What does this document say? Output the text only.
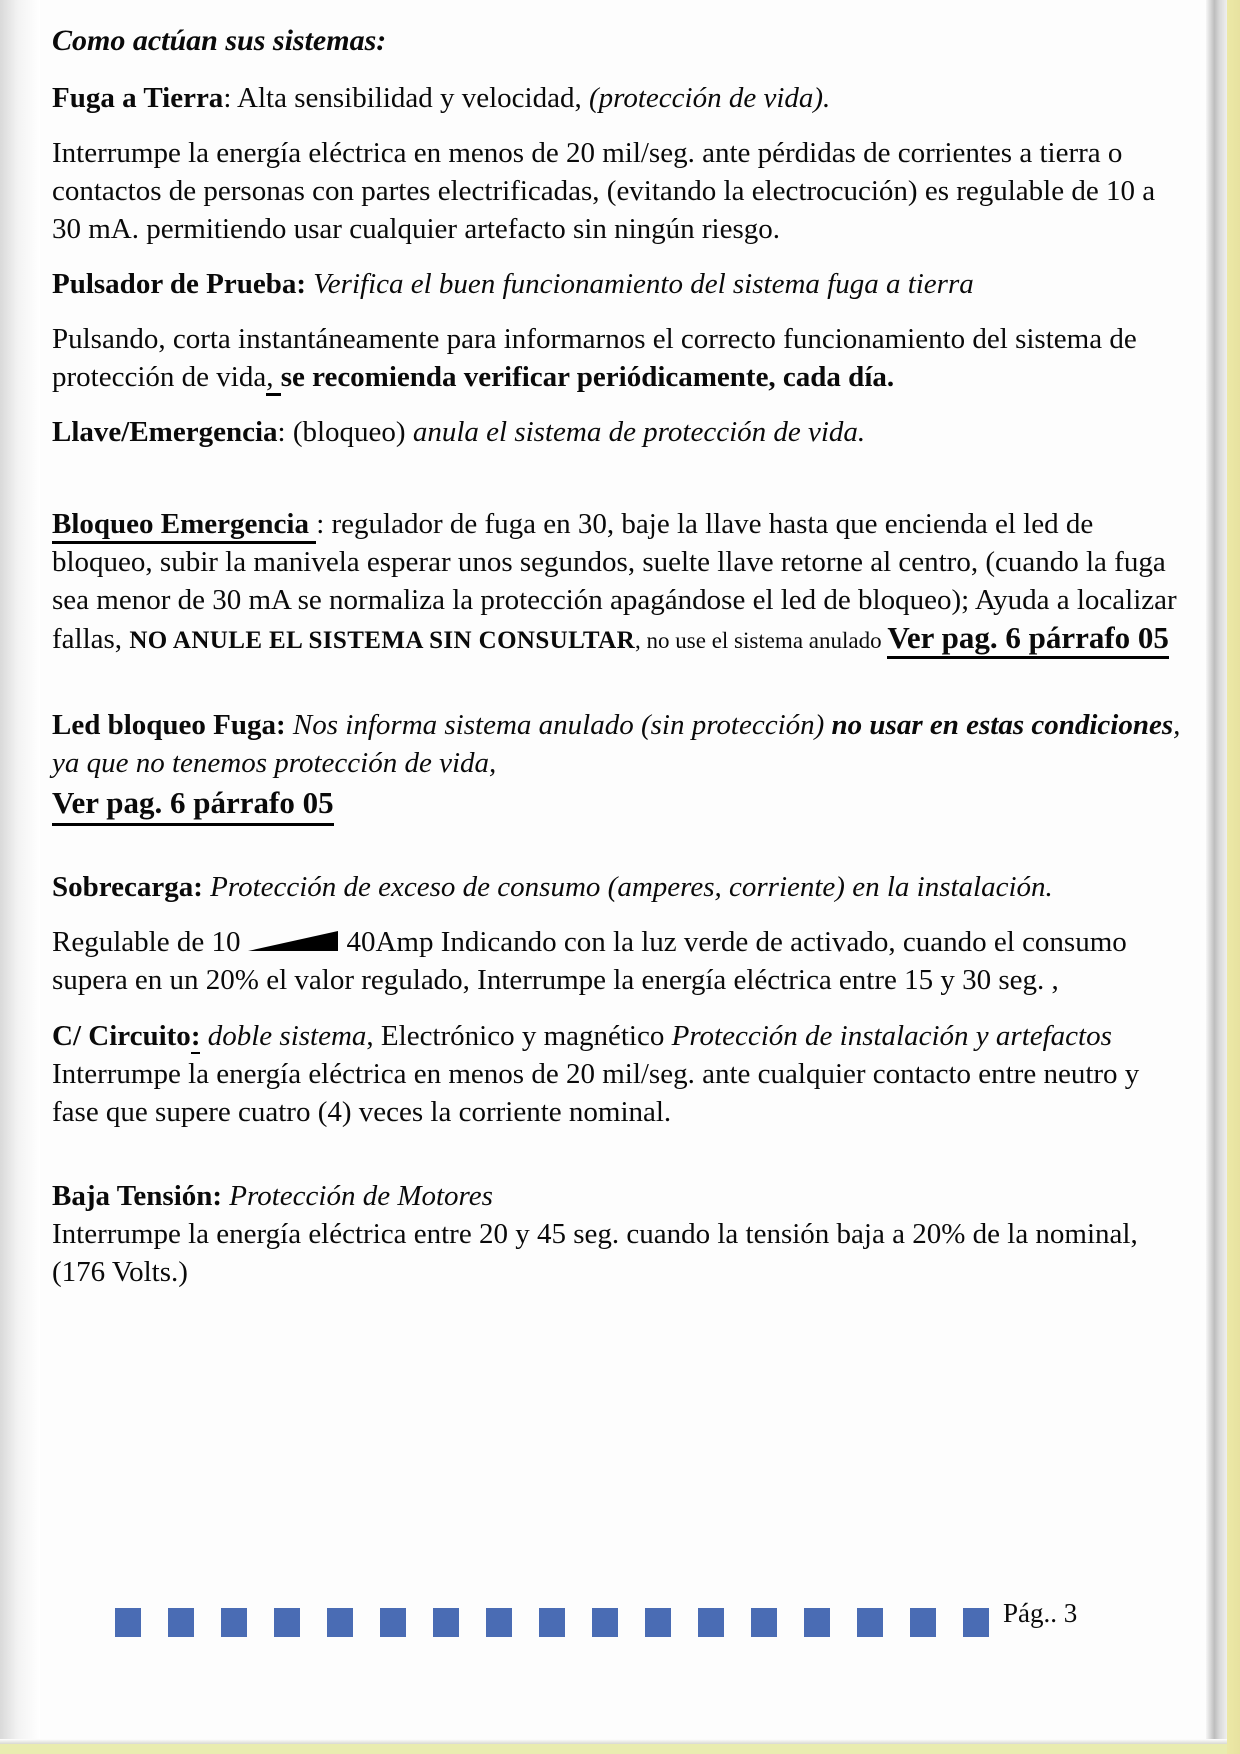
Como actúan sus sistemas:

Fuga a Tierra: Alta sensibilidad y velocidad, (protección de vida).

Interrumpe la energía eléctrica en menos de 20 mil/seg. ante pérdidas de corrientes a tierra o contactos de personas con partes electrificadas, (evitando la electrocución) es regulable de 10 a 30 mA. permitiendo usar cualquier artefacto sin ningún riesgo.

Pulsador de Prueba: Verifica el buen funcionamiento del sistema fuga a tierra

Pulsando, corta instantáneamente para informarnos el correcto funcionamiento del sistema de protección de vida, se recomienda verificar periódicamente, cada día.

Llave/Emergencia: (bloqueo) anula el sistema de protección de vida.

Bloqueo Emergencia : regulador de fuga en 30, baje la llave hasta que encienda el led de bloqueo, subir la manivela esperar unos segundos, suelte llave retorne al centro, (cuando la fuga sea menor de 30 mA se normaliza la protección apagándose el led de bloqueo); Ayuda a localizar fallas, NO ANULE EL SISTEMA SIN CONSULTAR, no use el sistema anulado Ver pag. 6 párrafo 05

Led bloqueo Fuga: Nos informa sistema anulado (sin protección) no usar en estas condiciones, ya que no tenemos protección de vida,
Ver pag. 6 párrafo 05

Sobrecarga: Protección de exceso de consumo (amperes, corriente) en la instalación.

Regulable de 10	40Amp Indicando con la luz verde de activado, cuando el consumo supera en un 20% el valor regulado, Interrumpe la energía eléctrica entre 15 y 30 seg. ,

C/ Circuito: doble sistema, Electrónico y magnético Protección de instalación y artefactos

Interrumpe la energía eléctrica en menos de 20 mil/seg. ante cualquier contacto entre neutro y fase que supere cuatro (4) veces la corriente nominal.

Baja Tensión: Protección de Motores

Interrumpe la energía eléctrica entre 20 y 45 seg. cuando la tensión baja a 20% de la nominal, (176 Volts.)

Pág.. 3
